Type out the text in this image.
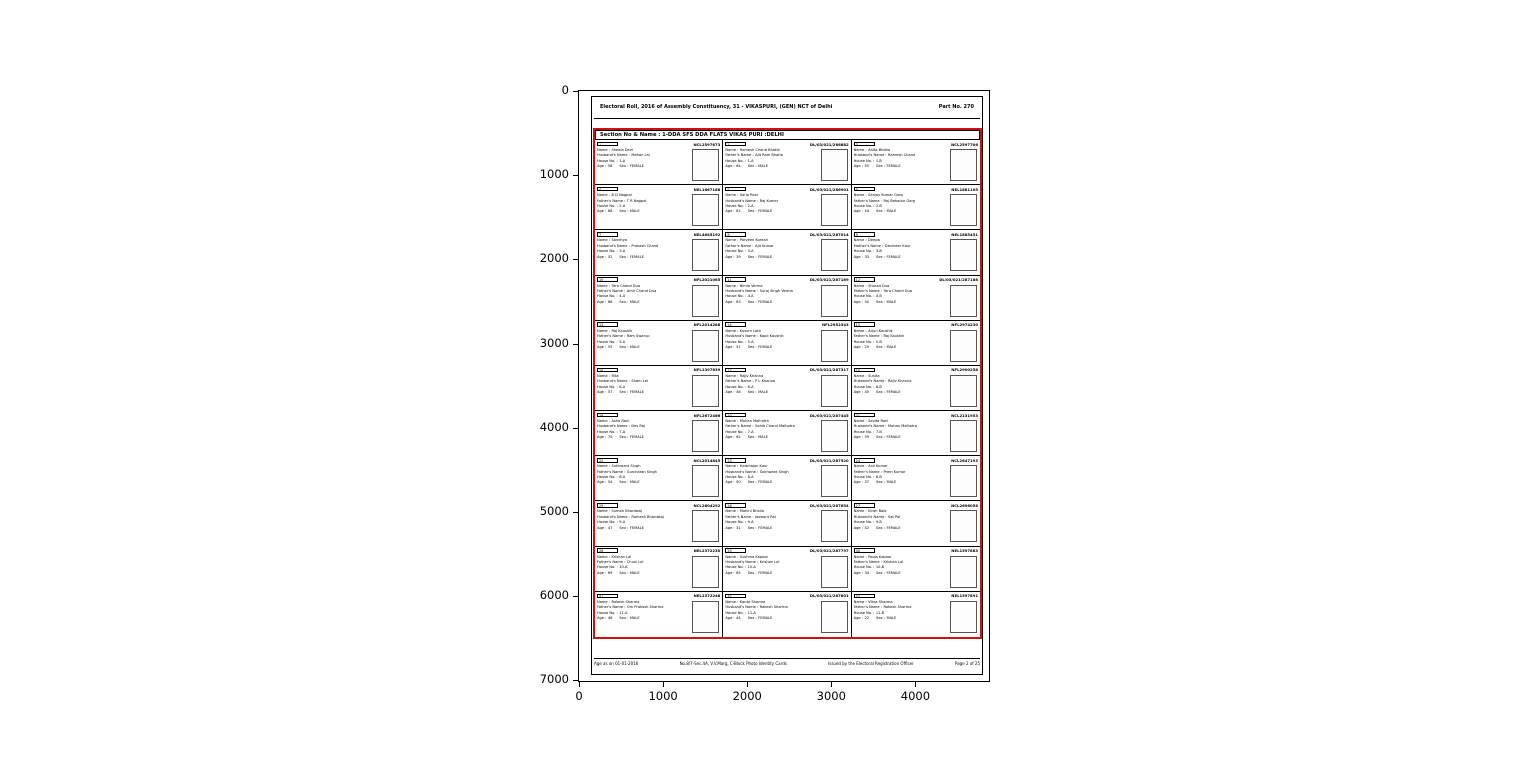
Electoral Roll, 2016 of Assembly Constituency, 31 - VIKASPURI, (GEN) NCT of Delhi	Part No. 270
Section No & Name : 1-DDA SFS DDA FLATS VIKAS PURI :DELHI
1	NCL2597673
Name : Sheela Devi
Husband's Name : Mohan Lal
House No. : 1-A
Age : 58 Sex : FEMALE
2	DL/03/021/286882
Name : Ramesh Chand Bhatia
Father's Name : Ajit Ram Bhatia
House No. : 1-A
Age : 64 Sex : MALE
3	NCL2597706
Name : Anita Bhatia
Husband's Name : Ramesh Chand
House No. : 1-B
Age : 55 Sex : FEMALE
4	NEL1667168
Name : B D Nagpal
Father's Name : T R Nagpal
House No. : 2-A
Age : 68 Sex : MALE
5	DL/03/021/286901
Name : Sarla Rani
Husband's Name : Raj Kumar
House No. : 2-A
Age : 61 Sex : FEMALE
6	NEL1881105
Name : Sanjay Kumar Garg
Father's Name : Raj Bahadur Garg
House No. : 2-B
Age : 44 Sex : MALE
7	NEL4645192
Name : Sandhya
Husband's Name : Prakash Chand
House No. : 3-A
Age : 52 Sex : FEMALE
8	DL/03/021/287014
Name : Parveen Kumari
Father's Name : Ajit Kumar
House No. : 3-A
Age : 39 Sex : FEMALE
9	NEL1885451
Name : Deepa
Mother's Name : Devinder Kaur
House No. : 3-B
Age : 33 Sex : FEMALE
10	NFL2021065
Name : Tara Chand Dua
Father's Name : Amir Chand Dua
House No. : 4-A
Age : 66 Sex : MALE
11	DL/03/021/287169
Name : Bimla Verma
Husband's Name : Suraj Singh Verma
House No. : 4-A
Age : 63 Sex : FEMALE
12	DL/03/021/287188
Name : Sharad Dua
Father's Name : Tara Chand Dua
House No. : 4-B
Age : 40 Sex : MALE
13	NFL2014288
Name : Raj Kaushik
Father's Name : Ram Swarup
House No. : 5-A
Age : 55 Sex : MALE
14	NFL2952343
Name : Kusum Lata
Husband's Name : Kapil Kaushik
House No. : 5-A
Age : 51 Sex : FEMALE
15	NFL2974230
Name : Arjun Kaushik
Father's Name : Raj Kaushik
House No. : 5-B
Age : 29 Sex : MALE
16	NFL1397839
Name : Rita
Husband's Name : Sham Lal
House No. : 6-A
Age : 57 Sex : FEMALE
17	DL/03/021/287317
Name : Rajiv Khanna
Father's Name : P L Khanna
House No. : 6-A
Age : 48 Sex : MALE
18	NFL2900258
Name : Sunita
Husband's Name : Rajiv Khanna
House No. : 6-B
Age : 45 Sex : FEMALE
19	NFL2672466
Name : Asha Rani
Husband's Name : Des Raj
House No. : 7-A
Age : 70 Sex : FEMALE
20	DL/03/021/287445
Name : Mohan Malhotra
Father's Name : Sahib Chand Malhotra
House No. : 7-A
Age : 62 Sex : MALE
21	NCL2131953
Name : Savita Rani
Husband's Name : Mohan Malhotra
House No. : 7-B
Age : 59 Sex : FEMALE
22	NCL2014845
Name : Sukhwant Singh
Father's Name : Gurcharan Singh
House No. : 8-A
Age : 54 Sex : MALE
23	DL/03/021/287520
Name : Harbhajan Kaur
Husband's Name : Sukhwant Singh
House No. : 8-A
Age : 50 Sex : FEMALE
24	NCL2647193
Name : Anil Kumar
Father's Name : Prem Kumar
House No. : 8-B
Age : 37 Sex : MALE
25	NCL2604292
Name : Suman Bhardwaj
Husband's Name : Ramesh Bhardwaj
House No. : 9-A
Age : 47 Sex : FEMALE
26	DL/03/021/287654
Name : Mohini Bhalla
Father's Name : Jaswant Rai
House No. : 9-A
Age : 31 Sex : FEMALE
27	NCL2696058
Name : Kiran Bala
Husband's Name : Sat Pal
House No. : 9-B
Age : 42 Sex : FEMALE
28	NEL2372230
Name : Krishan Lal
Father's Name : Chuni Lal
House No. : 10-A
Age : 69 Sex : MALE
29	DL/03/021/287797
Name : Sushma Kapoor
Husband's Name : Krishan Lal
House No. : 10-A
Age : 65 Sex : FEMALE
30	NEL1597883
Name : Pooja Kapoor
Father's Name : Krishan Lal
House No. : 10-B
Age : 34 Sex : FEMALE
31	NEL2372248
Name : Rakesh Sharma
Father's Name : Om Prakash Sharma
House No. : 11-A
Age : 46 Sex : MALE
32	DL/03/021/287801
Name : Kanta Sharma
Husband's Name : Rakesh Sharma
House No. : 11-A
Age : 44 Sex : FEMALE
33	NEL1597891
Name : Vikas Sharma
Father's Name : Rakesh Sharma
House No. : 11-B
Age : 22 Sex : MALE
Age as on 01-01-2016	No.8/7-Sec.4A, V.V.Marg, C-Block Photo Identity Cards	Issued by the Electoral Registration Officer	Page 2 of 25
0
1000
2000
3000
4000
5000
6000
7000
0	1000	2000	3000	4000
